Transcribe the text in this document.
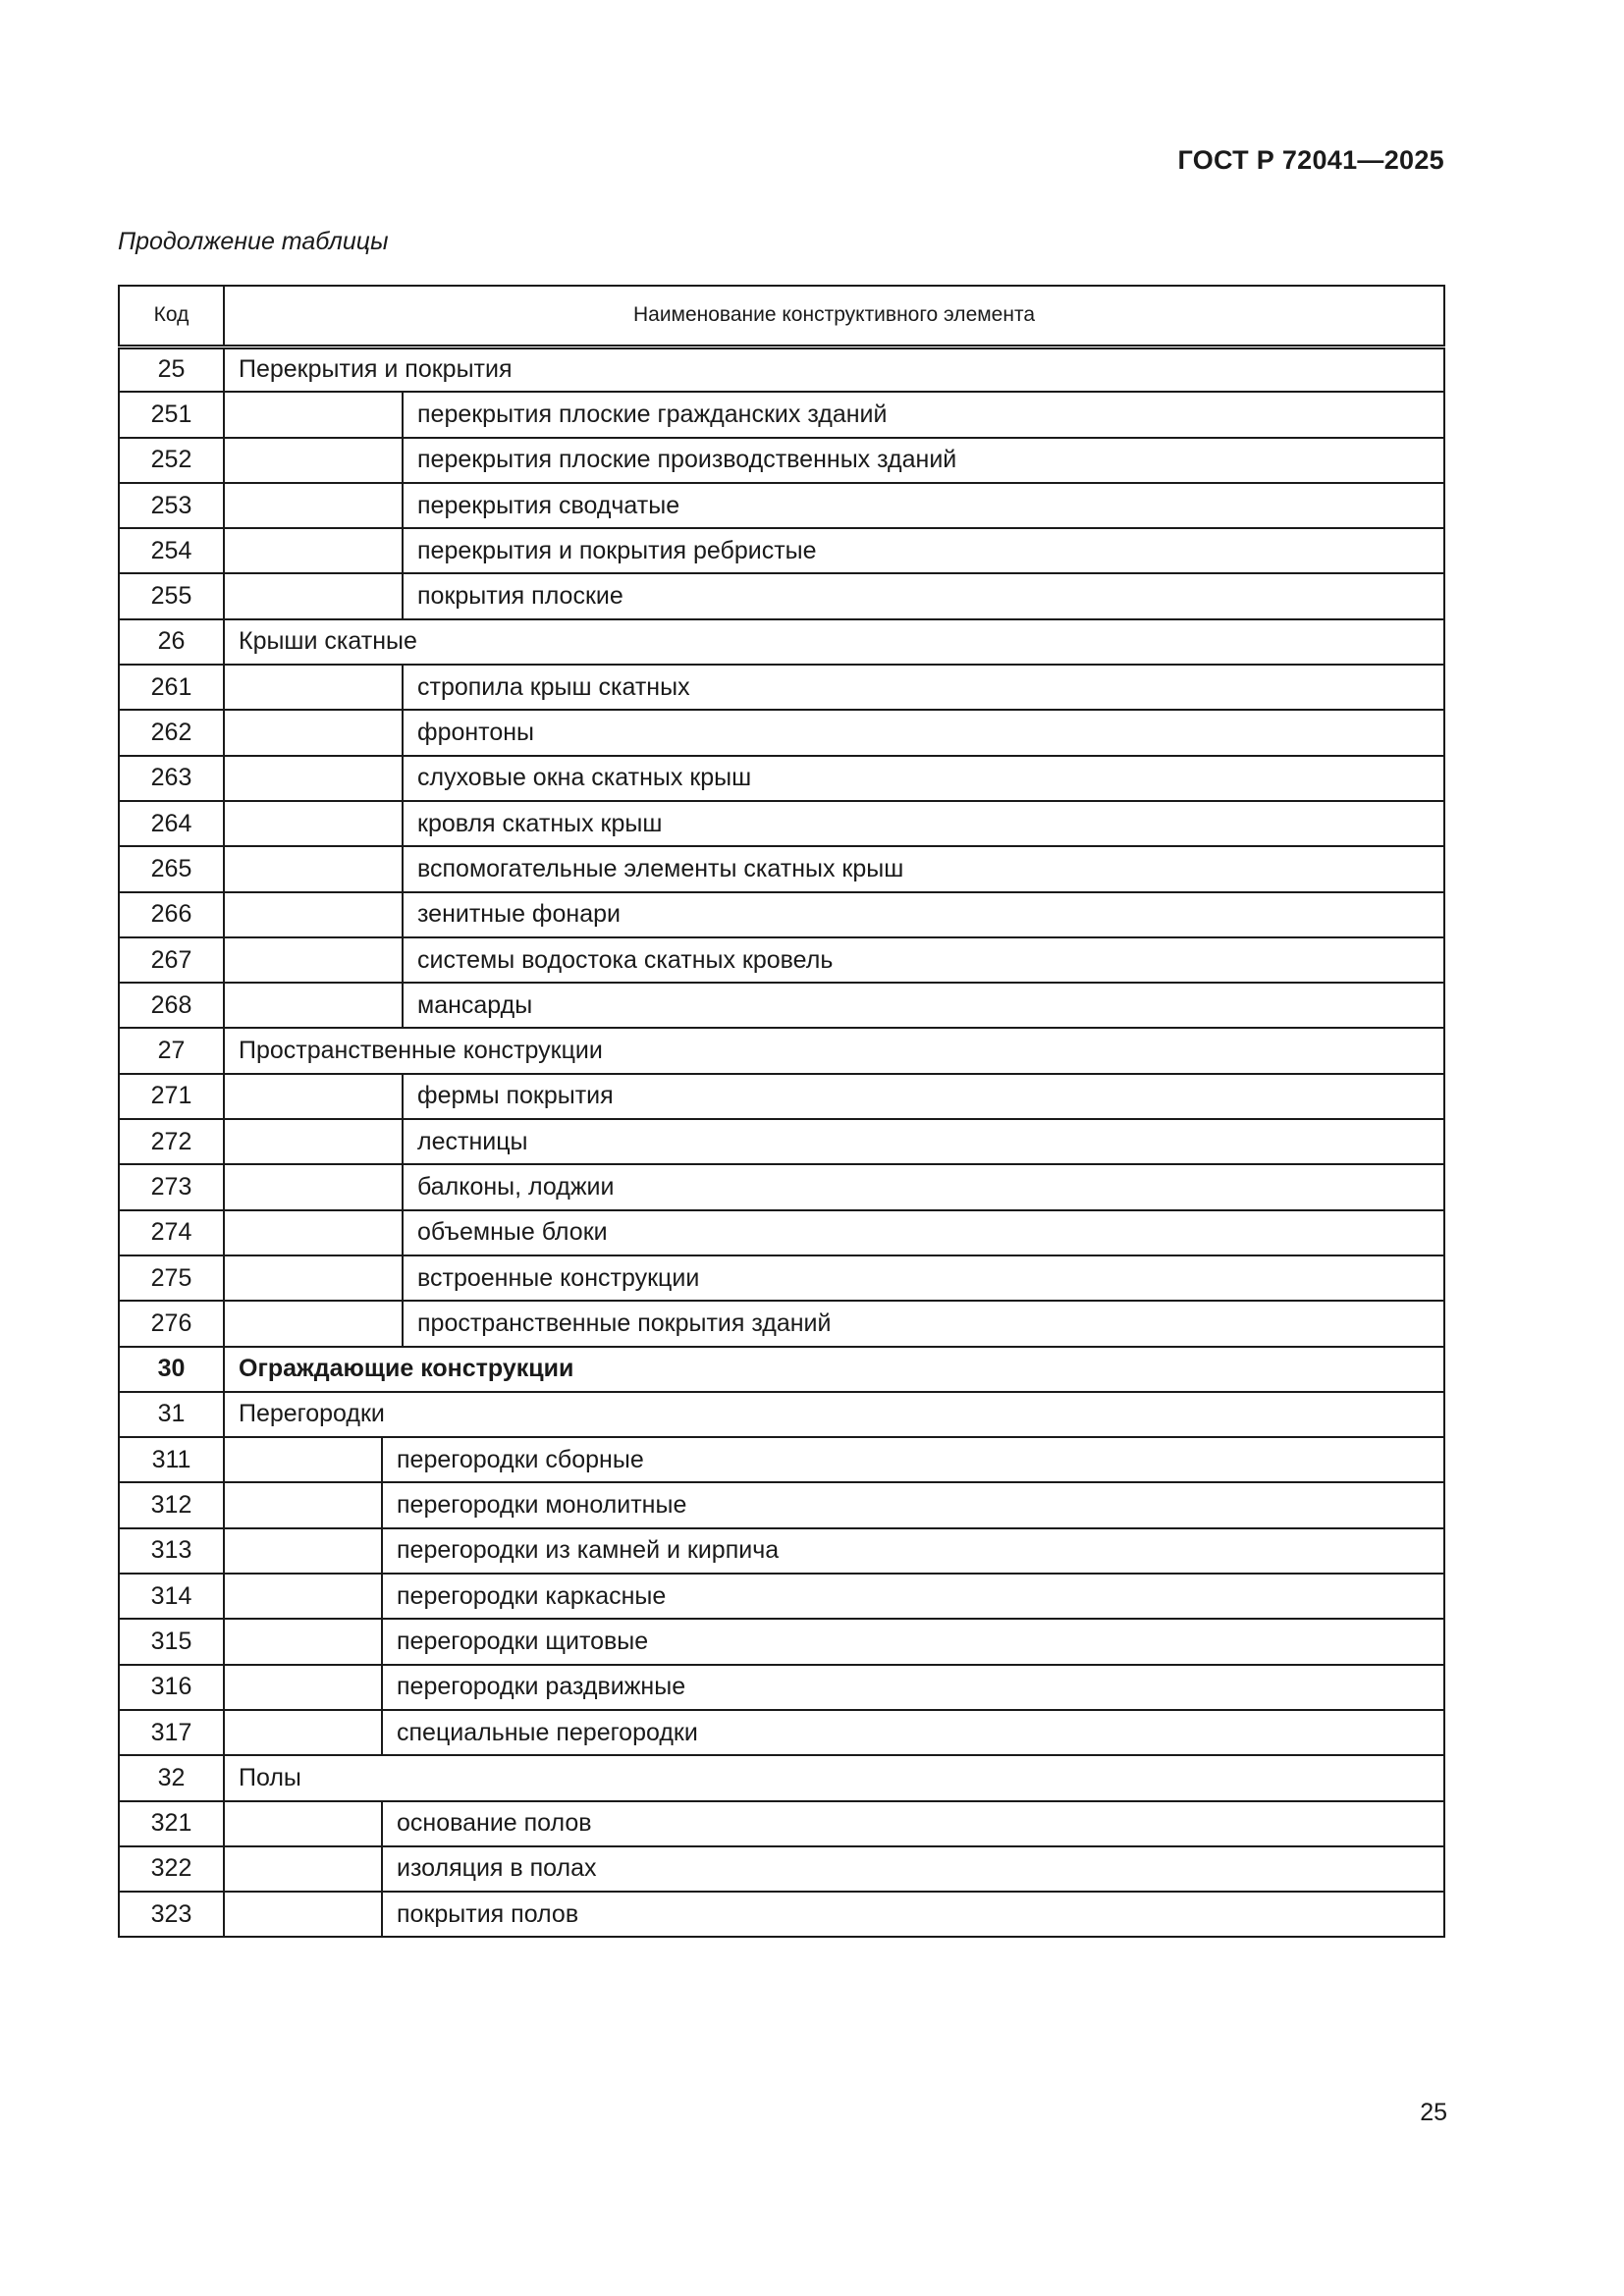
ГОСТ Р 72041—2025
Продолжение таблицы
Код	Наименование конструктивного элемента		
25	Перекрытия и покрытия		
251			перекрытия плоские гражданских зданий
252			перекрытия плоские производственных зданий
253			перекрытия сводчатые
254			перекрытия и покрытия ребристые
255			покрытия плоские
26	Крыши скатные		
261			стропила крыш скатных
262			фронтоны
263			слуховые окна скатных крыш
264			кровля скатных крыш
265			вспомогательные элементы скатных крыш
266			зенитные фонари
267			системы водостока скатных кровель
268			мансарды
27	Пространственные конструкции		
271			фермы покрытия
272			лестницы
273			балконы, лоджии
274			объемные блоки
275			встроенные конструкции
276			пространственные покрытия зданий
30	Ограждающие конструкции		
31	Перегородки		
311		перегородки сборные	
312		перегородки монолитные	
313		перегородки из камней и кирпича	
314		перегородки каркасные	
315		перегородки щитовые	
316		перегородки раздвижные	
317		специальные перегородки	
32	Полы		
321		основание полов	
322		изоляция в полах	
323		покрытия полов	
25
